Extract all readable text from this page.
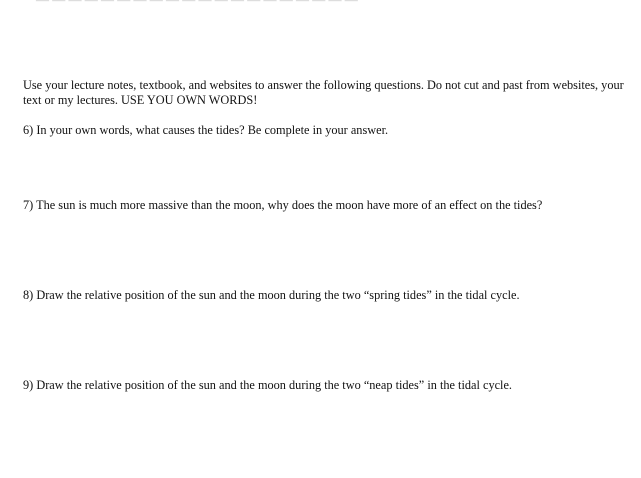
Use your lecture notes, textbook, and websites to answer the following questions. Do not cut and past from websites, your text or my lectures. USE YOU OWN WORDS!

6) In your own words, what causes the tides? Be complete in your answer.

7) The sun is much more massive than the moon, why does the moon have more of an effect on the tides?

8) Draw the relative position of the sun and the moon during the two “spring tides” in the tidal cycle.

9) Draw the relative position of the sun and the moon during the two “neap tides” in the tidal cycle.
